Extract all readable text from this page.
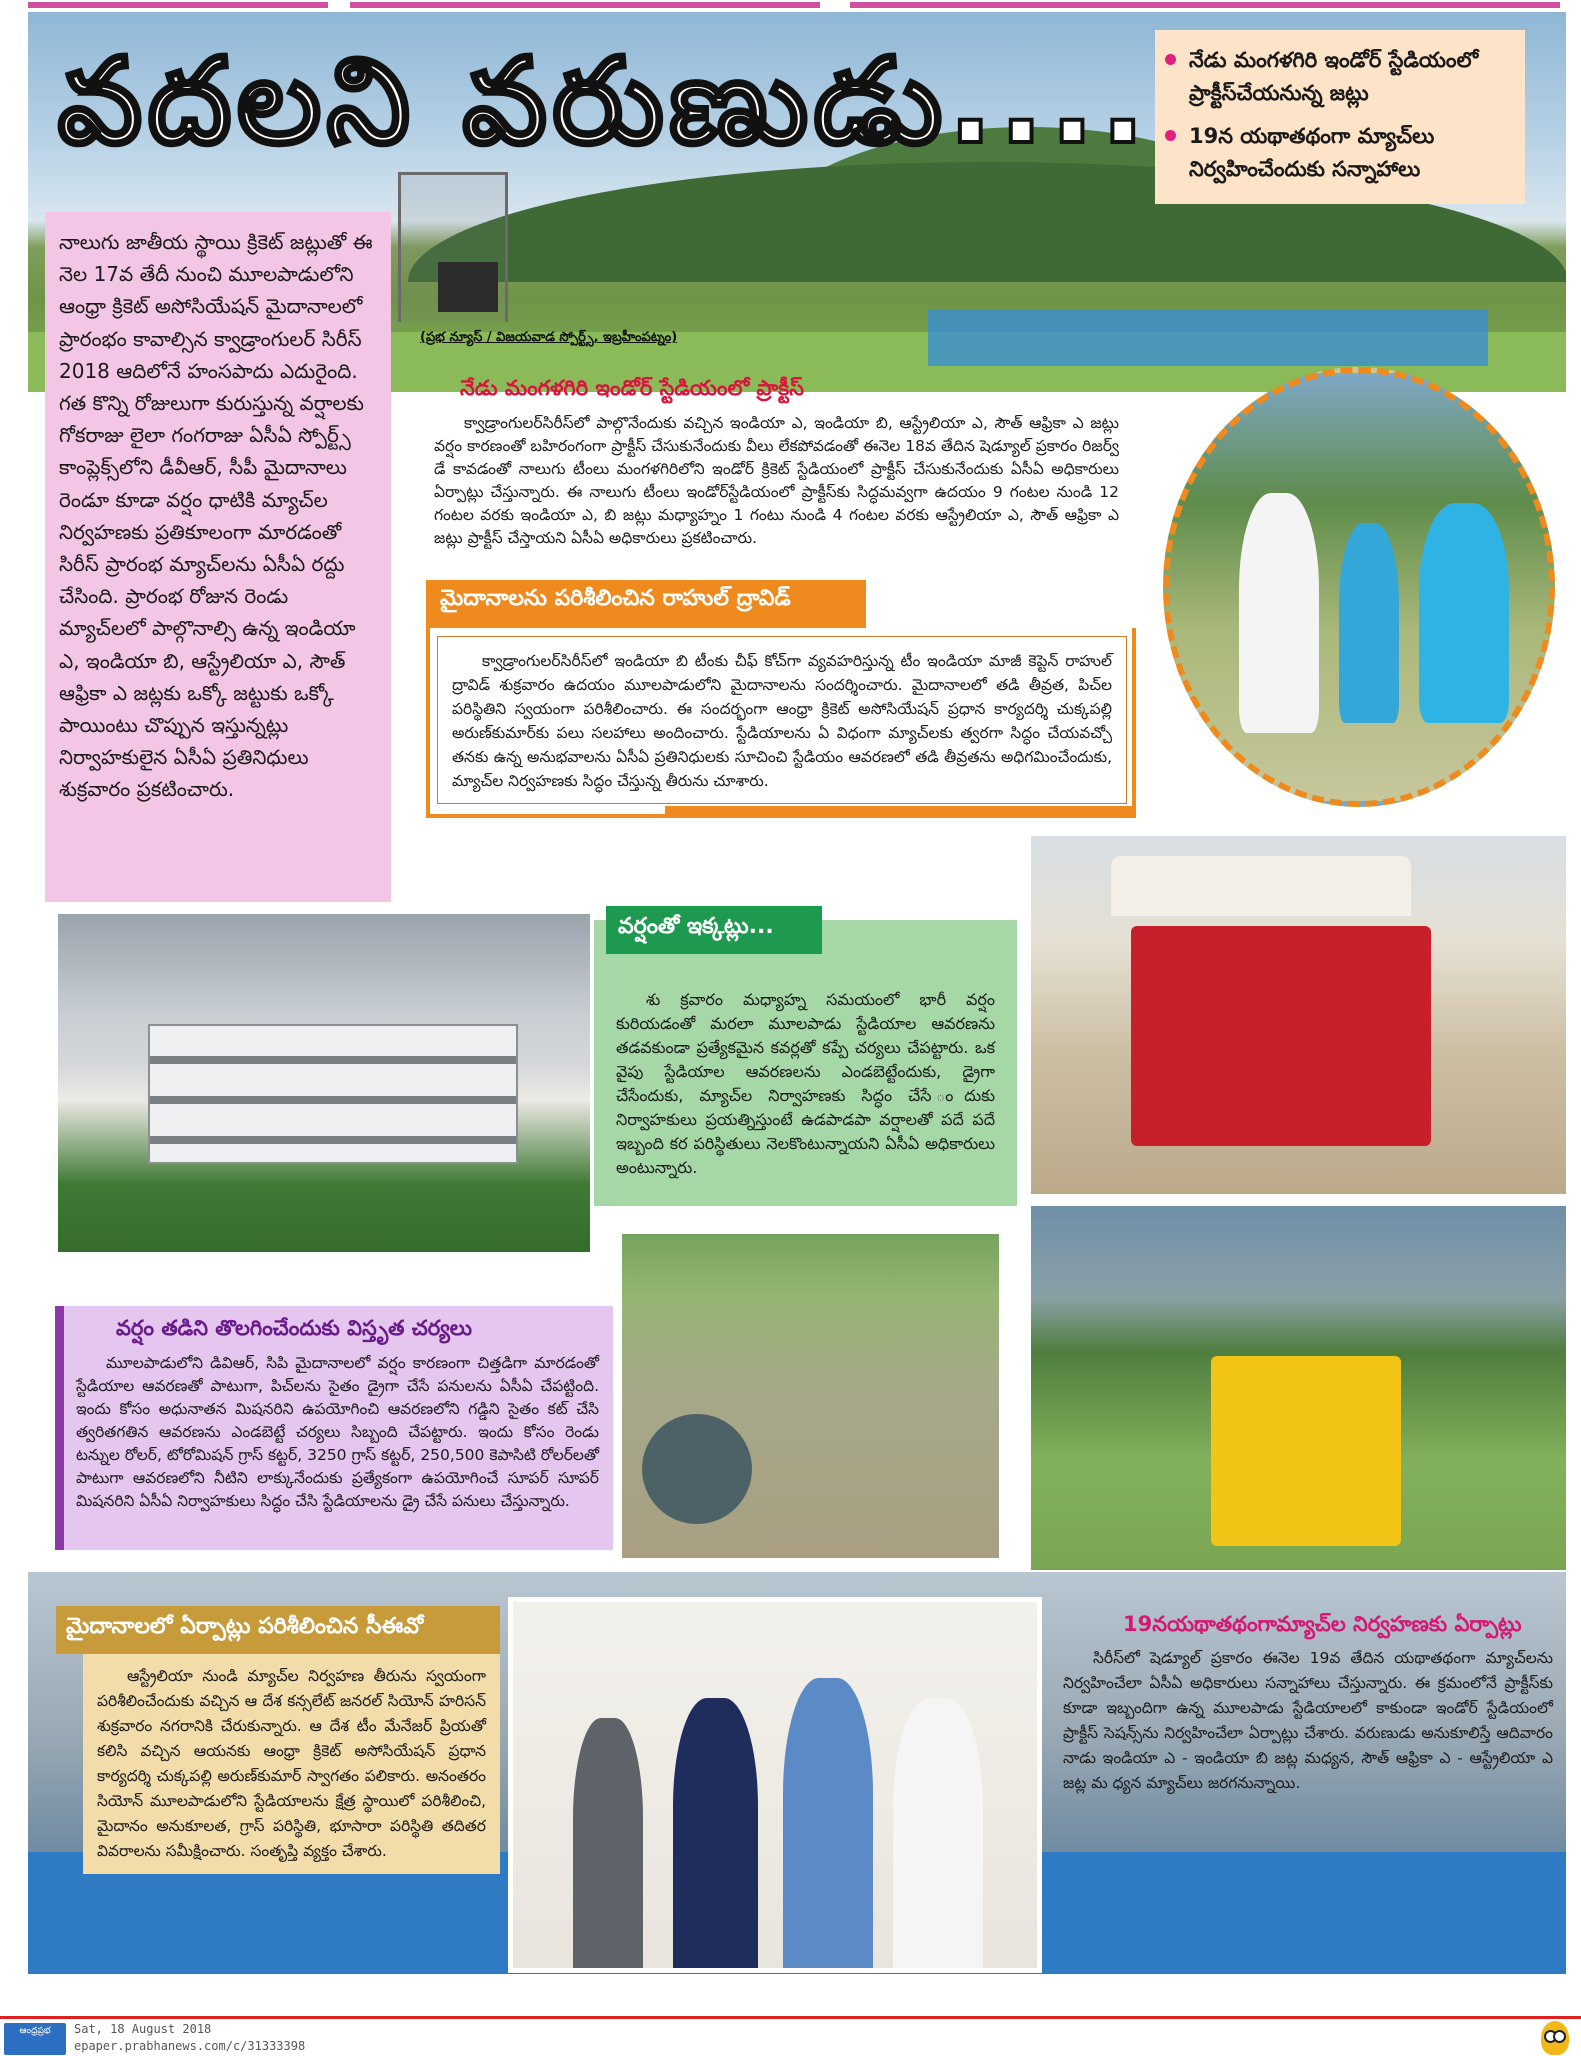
వదలని వరుణుడు.... నేడు మంగళగిరి ఇండోర్ స్టేడియంలో ప్రాక్టీస్‌చేయనున్న జట్లు
19న యథాతథంగా మ్యాచ్‌లు నిర్వహించేందుకు సన్నాహాలు
(ప్రభ న్యూస్ / విజయవాడ స్పోర్ట్స్, ఇబ్రహీంపట్నం)

నాలుగు జాతీయ స్థాయి క్రికెట్ జట్లుతో ఈ నెల 17వ తేదీ నుంచి మూలపాడులోని ఆంధ్రా క్రికెట్ అసోసియేషన్ మైదానాలలో ప్రారంభం కావాల్సిన క్వాడ్రాంగులర్ సిరీస్ 2018 ఆదిలోనే హంసపాదు ఎదురైంది. గత కొన్ని రోజులుగా కురుస్తున్న వర్షాలకు గోకరాజు లైలా గంగరాజు ఏసీఏ స్పోర్ట్స్ కాంప్లెక్స్‌లోని డీవీఆర్, సీపీ మైదానాలు రెండూ కూడా వర్షం ధాటికి మ్యాచ్‌ల నిర్వహణకు ప్రతికూలంగా మారడంతో సిరీస్ ప్రారంభ మ్యాచ్‌లను ఏసీఏ రద్దు చేసింది. ప్రారంభ రోజున రెండు మ్యాచ్‌లలో పాల్గొనాల్సి ఉన్న ఇండియా ఎ, ఇండియా బి, ఆస్ట్రేలియా ఎ, సౌత్ ఆఫ్రికా ఎ జట్లకు ఒక్కో జట్టుకు ఒక్కో పాయింటు చొప్పున ఇస్తున్నట్లు నిర్వాహకులైన ఏసీఏ ప్రతినిధులు శుక్రవారం ప్రకటించారు.

నేడు మంగళగిరి ఇండోర్ స్టేడియంలో ప్రాక్టీస్

క్వాడ్రాంగులర్‌సిరీస్‌లో పాల్గొనేందుకు వచ్చిన ఇండియా ఎ, ఇండియా బి, ఆస్ట్రేలియా ఎ, సౌత్ ఆఫ్రికా ఎ జట్లు వర్షం కారణంతో బహిరంగంగా ప్రాక్టీస్ చేసుకునేందుకు వీలు లేకపోవడంతో ఈనెల 18వ తేదిన షెడ్యూల్ ప్రకారం రిజర్వ్ డే కావడంతో నాలుగు టీంలు మంగళగిరిలోని ఇండోర్ క్రికెట్ స్టేడియంలో ప్రాక్టీస్ చేసుకునేందుకు ఏసీఏ అధికారులు ఏర్పాట్లు చేస్తున్నారు. ఈ నాలుగు టీంలు ఇండోర్‌స్టేడియంలో ప్రాక్టీస్‌కు సిద్ధమవ్వగా ఉదయం 9 గంటల నుండి 12 గంటల వరకు ఇండియా ఎ, బి జట్లు మధ్యాహ్నం 1 గంటు నుండి 4 గంటల వరకు ఆస్ట్రేలియా ఎ, సౌత్ ఆఫ్రికా ఎ జట్లు ప్రాక్టీస్ చేస్తాయని ఏసీఏ అధికారులు ప్రకటించారు.

మైదానాలను పరిశీలించిన రాహుల్ ద్రావిడ్

క్వాడ్రాంగులర్‌సిరీస్‌లో ఇండియా బి టీంకు చీఫ్ కోచ్‌గా వ్యవహరిస్తున్న టీం ఇండియా మాజీ కెప్టెన్ రాహుల్ ద్రావిడ్ శుక్రవారం ఉదయం మూలపాడులోని మైదానాలను సందర్శించారు. మైదానాలలో తడి తీవ్రత, పిచ్‌ల పరిస్థితిని స్వయంగా పరిశీలించారు. ఈ సందర్భంగా ఆంధ్రా క్రికెట్ అసోసియేషన్ ప్రధాన కార్యదర్శి చుక్కపల్లి అరుణ్‌కుమార్‌కు పలు సలహాలు అందించారు. స్టేడియాలను ఏ విధంగా మ్యాచ్‌లకు త్వరగా సిద్ధం చేయవచ్చో తనకు ఉన్న అనుభవాలను ఏసీఏ ప్రతినిధులకు సూచించి స్టేడియం ఆవరణలో తడి తీవ్రతను అధిగమించేందుకు, మ్యాచ్‌ల నిర్వహణకు సిద్ధం చేస్తున్న తీరును చూశారు.

శు క్రవారం మధ్యాహ్న సమయంలో భారీ వర్షం కురియడంతో మరలా మూలపాడు స్టేడియాల ఆవరణను తడవకుండా ప్రత్యేకమైన కవర్లతో కప్పే చర్యలు చేపట్టారు. ఒక వైపు స్టేడియాల ఆవరణలను ఎండబెట్టేందుకు, డ్రైగా చేసేందుకు, మ్యాచ్‌ల నిర్వాహణకు సిద్ధం చేసే ందుకు నిర్వాహకులు ప్రయత్నిస్తుంటే ఉడపాడపా వర్షాలతో పదే పదే ఇబ్బంది కర పరిస్థితులు నెలకొంటున్నాయని ఏసీఏ అధికారులు అంటున్నారు.

వర్షంతో ఇక్కట్లు...
వర్షం తడిని తొలగించేందుకు విస్తృత చర్యలు

మూలపాడులోని డివిఆర్, సిపి మైదానాలలో వర్షం కారణంగా చిత్తడిగా మారడంతో స్టేడియాల ఆవరణతో పాటుగా, పిచ్‌లను సైతం డ్రైగా చేసే పనులను ఏసీఏ చేపట్టింది. ఇందు కోసం అధునాతన మిషనరిని ఉపయోగించి ఆవరణలోని గడ్డిని సైతం కట్ చేసి త్వరితగతిన ఆవరణను ఎండబెట్టే చర్యలు సిబ్బంది చేపట్టారు. ఇందు కోసం రెండు టన్నుల రోలర్, టోరోమిషన్ గ్రాస్ కట్టర్, 3250 గ్రాస్ కట్టర్, 250,500 కెపాసిటి రోలర్‌లతో పాటుగా ఆవరణలోని నీటిని లాక్కునేందుకు ప్రత్యేకంగా ఉపయోగించే సూపర్ సూపర్ మిషనరిని ఏసీఏ నిర్వాహకులు సిద్ధం చేసి స్టేడియాలను డ్రై చేసే పనులు చేస్తున్నారు.

మైదానాలలో ఏర్పాట్లు పరిశీలించిన సీఈవో

ఆస్ట్రేలియా నుండి మ్యాచ్‌ల నిర్వహణ తీరును స్వయంగా పరిశీలించేందుకు వచ్చిన ఆ దేశ కన్సలేట్ జనరల్ సియోన్ హరిసన్ శుక్రవారం నగరానికి చేరుకున్నారు. ఆ దేశ టీం మేనేజర్ ప్రియతో కలిసి వచ్చిన ఆయనకు ఆంధ్రా క్రికెట్ అసోసియేషన్ ప్రధాన కార్యదర్శి చుక్కపల్లి అరుణ్‌కుమార్ స్వాగతం పలికారు. అనంతరం సియోన్ మూలపాడులోని స్టేడియాలను క్షేత్ర స్థాయిలో పరిశీలించి, మైదానం అనుకూలత, గ్రాస్ పరిస్థితి, భూసారా పరిస్థితి తదితర వివరాలను సమీక్షించారు. సంతృప్తి వ్యక్తం చేశారు.

19నయథాతథంగామ్యాచ్‌ల నిర్వహణకు ఏర్పాట్లు

సిరీస్‌లో షెడ్యూల్ ప్రకారం ఈనెల 19వ తేదిన యథాతథంగా మ్యాచ్‌లను నిర్వహించేలా ఏసీఏ అధికారులు సన్నాహాలు చేస్తున్నారు. ఈ క్రమంలోనే ప్రాక్టీస్‌కు కూడా ఇబ్బందిగా ఉన్న మూలపాడు స్టేడియాలలో కాకుండా ఇండోర్ స్టేడియంలో ప్రాక్టీస్ సెషన్స్‌ను నిర్వహించేలా ఏర్పాట్లు చేశారు. వరుణుడు అనుకూలిస్తే ఆదివారం నాడు ఇండియా ఎ - ఇండియా బి జట్ల మధ్యన, సౌత్ ఆఫ్రికా ఎ - ఆస్ట్రేలియా ఎ జట్ల మ ధ్యన మ్యాచ్‌లు జరగనున్నాయి.

ఆంధ్రప్రభ	Sat, 18 August 2018
epaper.prabhanews.com/c/31333398
